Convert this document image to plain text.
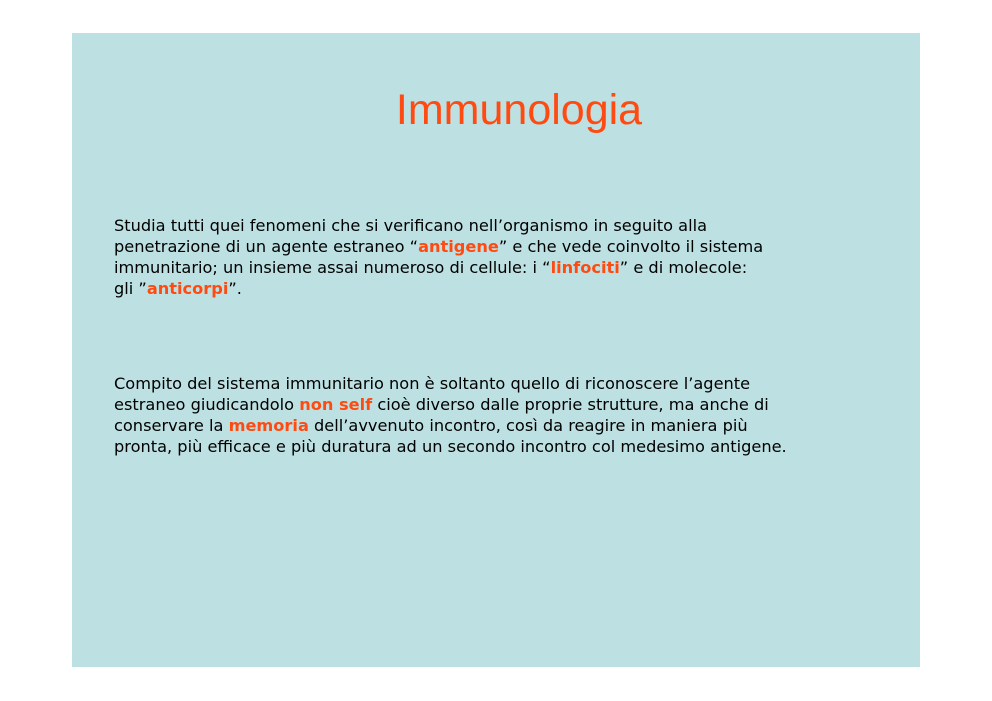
Immunologia
Studia tutti quei fenomeni che si verificano nell’organismo in seguito alla
penetrazione di un agente estraneo “antigene” e che vede coinvolto il sistema
immunitario; un insieme assai numeroso di cellule: i “linfociti” e di molecole:
gli ”anticorpi”.
Compito del sistema immunitario non è soltanto quello di riconoscere l’agente
estraneo giudicandolo non self cioè diverso dalle proprie strutture, ma anche di
conservare la memoria dell’avvenuto incontro, così da reagire in maniera più
pronta, più efficace e più duratura ad un secondo incontro col medesimo antigene.
